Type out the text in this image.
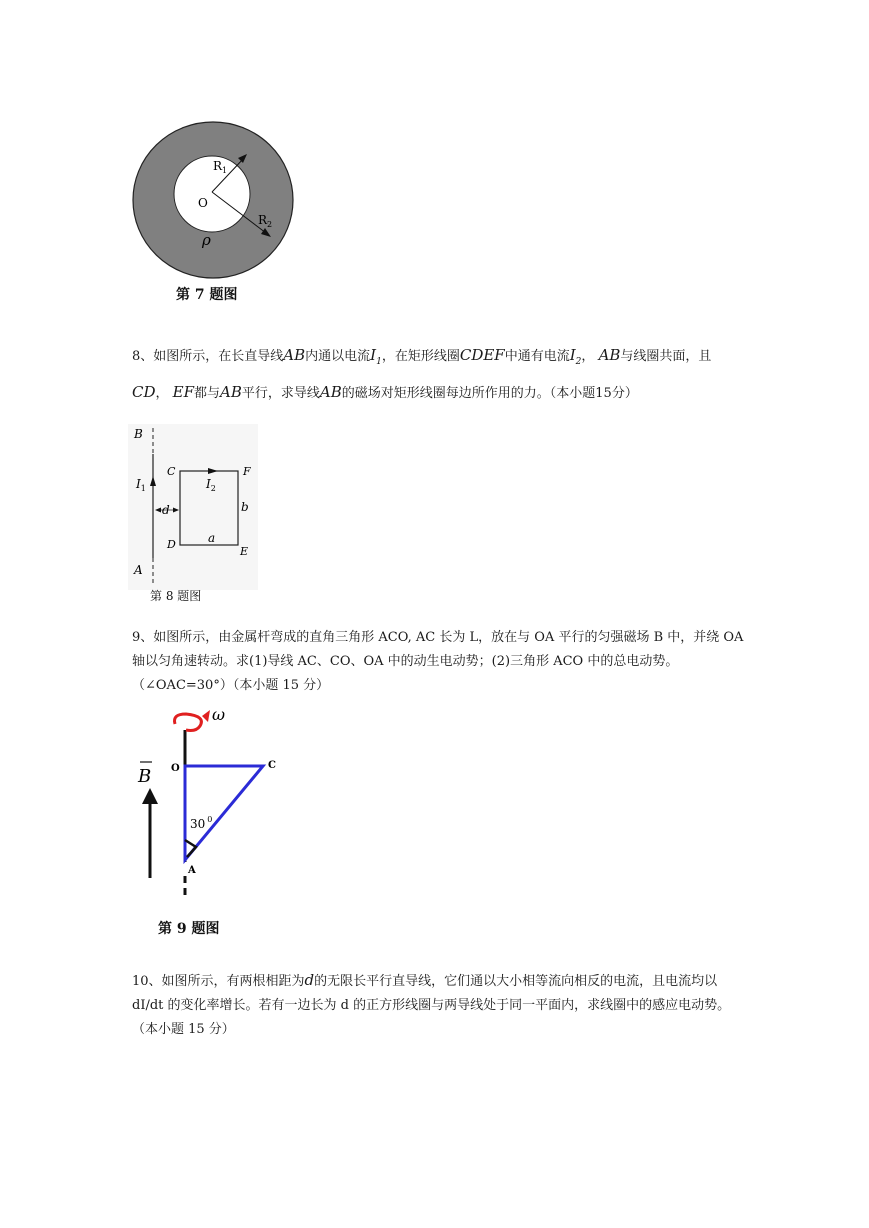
$R_1$
O
$R_2$
ρ
第 7 题图
8、如图所示，在长直导线AB内通以电流$I_1$，在矩形线圈CDEF中通有电流$I_2$， AB与线圈共面，且CD， EF都与AB平行，求导线AB的磁场对矩形线圈每边所作用的力。（本小题15分）
B
A
C	F
D
E
$I_1$	$I_2$
d	b
a
第 8 题图
9、如图所示，由金属杆弯成的直角三角形 ACO, AC 长为 L，放在与 OA 平行的匀强磁场 B 中，并绕 OA 轴以匀角速转动。求(1)导线 AC、CO、OA 中的动生电动势；(2)三角形 ACO 中的总电动势。（∠OAC=30°）（本小题 15 分）
ω
B O	C
A
30 $^0$
第 9 题图
10、如图所示，有两根相距为d的无限长平行直导线，它们通以大小相等流向相反的电流，且电流均以 dI/dt 的变化率增长。若有一边长为 d 的正方形线圈与两导线处于同一平面内，求线圈中的感应电动势。 （本小题 15 分）
